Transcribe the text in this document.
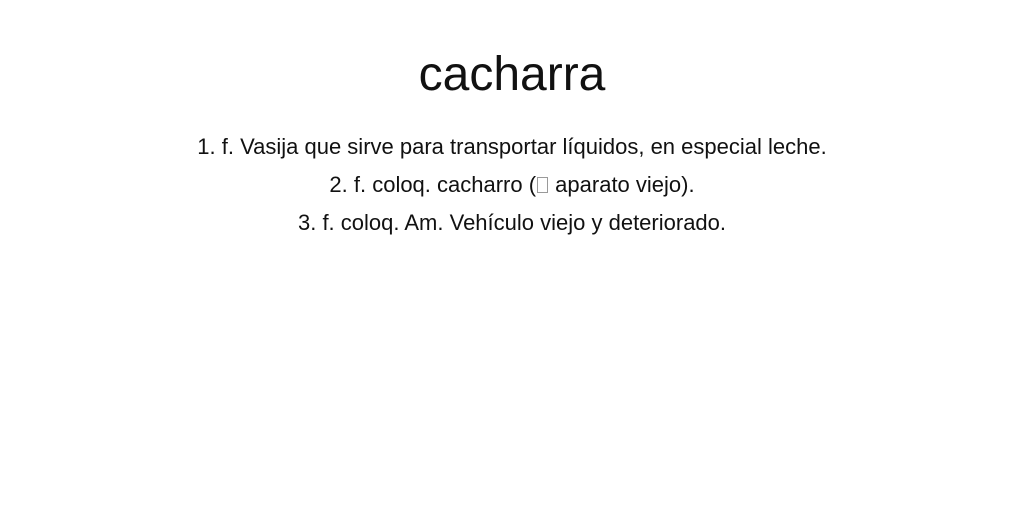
cacharra
1. f. Vasija que sirve para transportar líquidos, en especial leche.
2. f. coloq. cacharro ( aparato viejo).
3. f. coloq. Am. Vehículo viejo y deteriorado.
